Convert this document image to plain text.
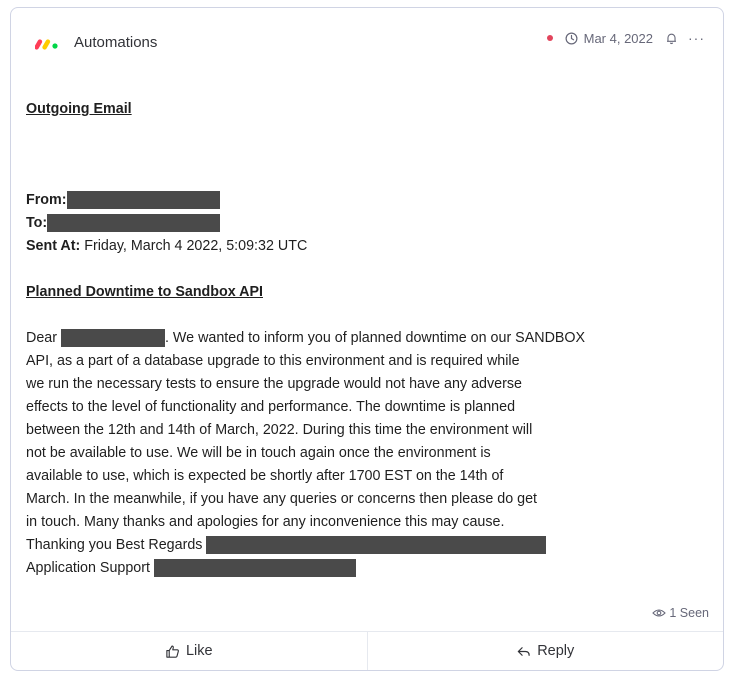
Automations	Mar 4, 2022	···
Outgoing Email
From:
To:
Sent At: Friday, March 4 2022, 5:09:32 UTC
Planned Downtime to Sandbox API
Dear	. We wanted to inform you of planned downtime on our SANDBOX
API, as a part of a database upgrade to this environment and is required while
we run the necessary tests to ensure the upgrade would not have any adverse
effects to the level of functionality and performance. The downtime is planned
between the 12th and 14th of March, 2022. During this time the environment will
not be available to use. We will be in touch again once the environment is
available to use, which is expected be shortly after 1700 EST on the 14th of
March. In the meanwhile, if you have any queries or concerns then please do get
in touch. Many thanks and apologies for any inconvenience this may cause.
Thanking you Best Regards
Application Support
1 Seen
Like	Reply
